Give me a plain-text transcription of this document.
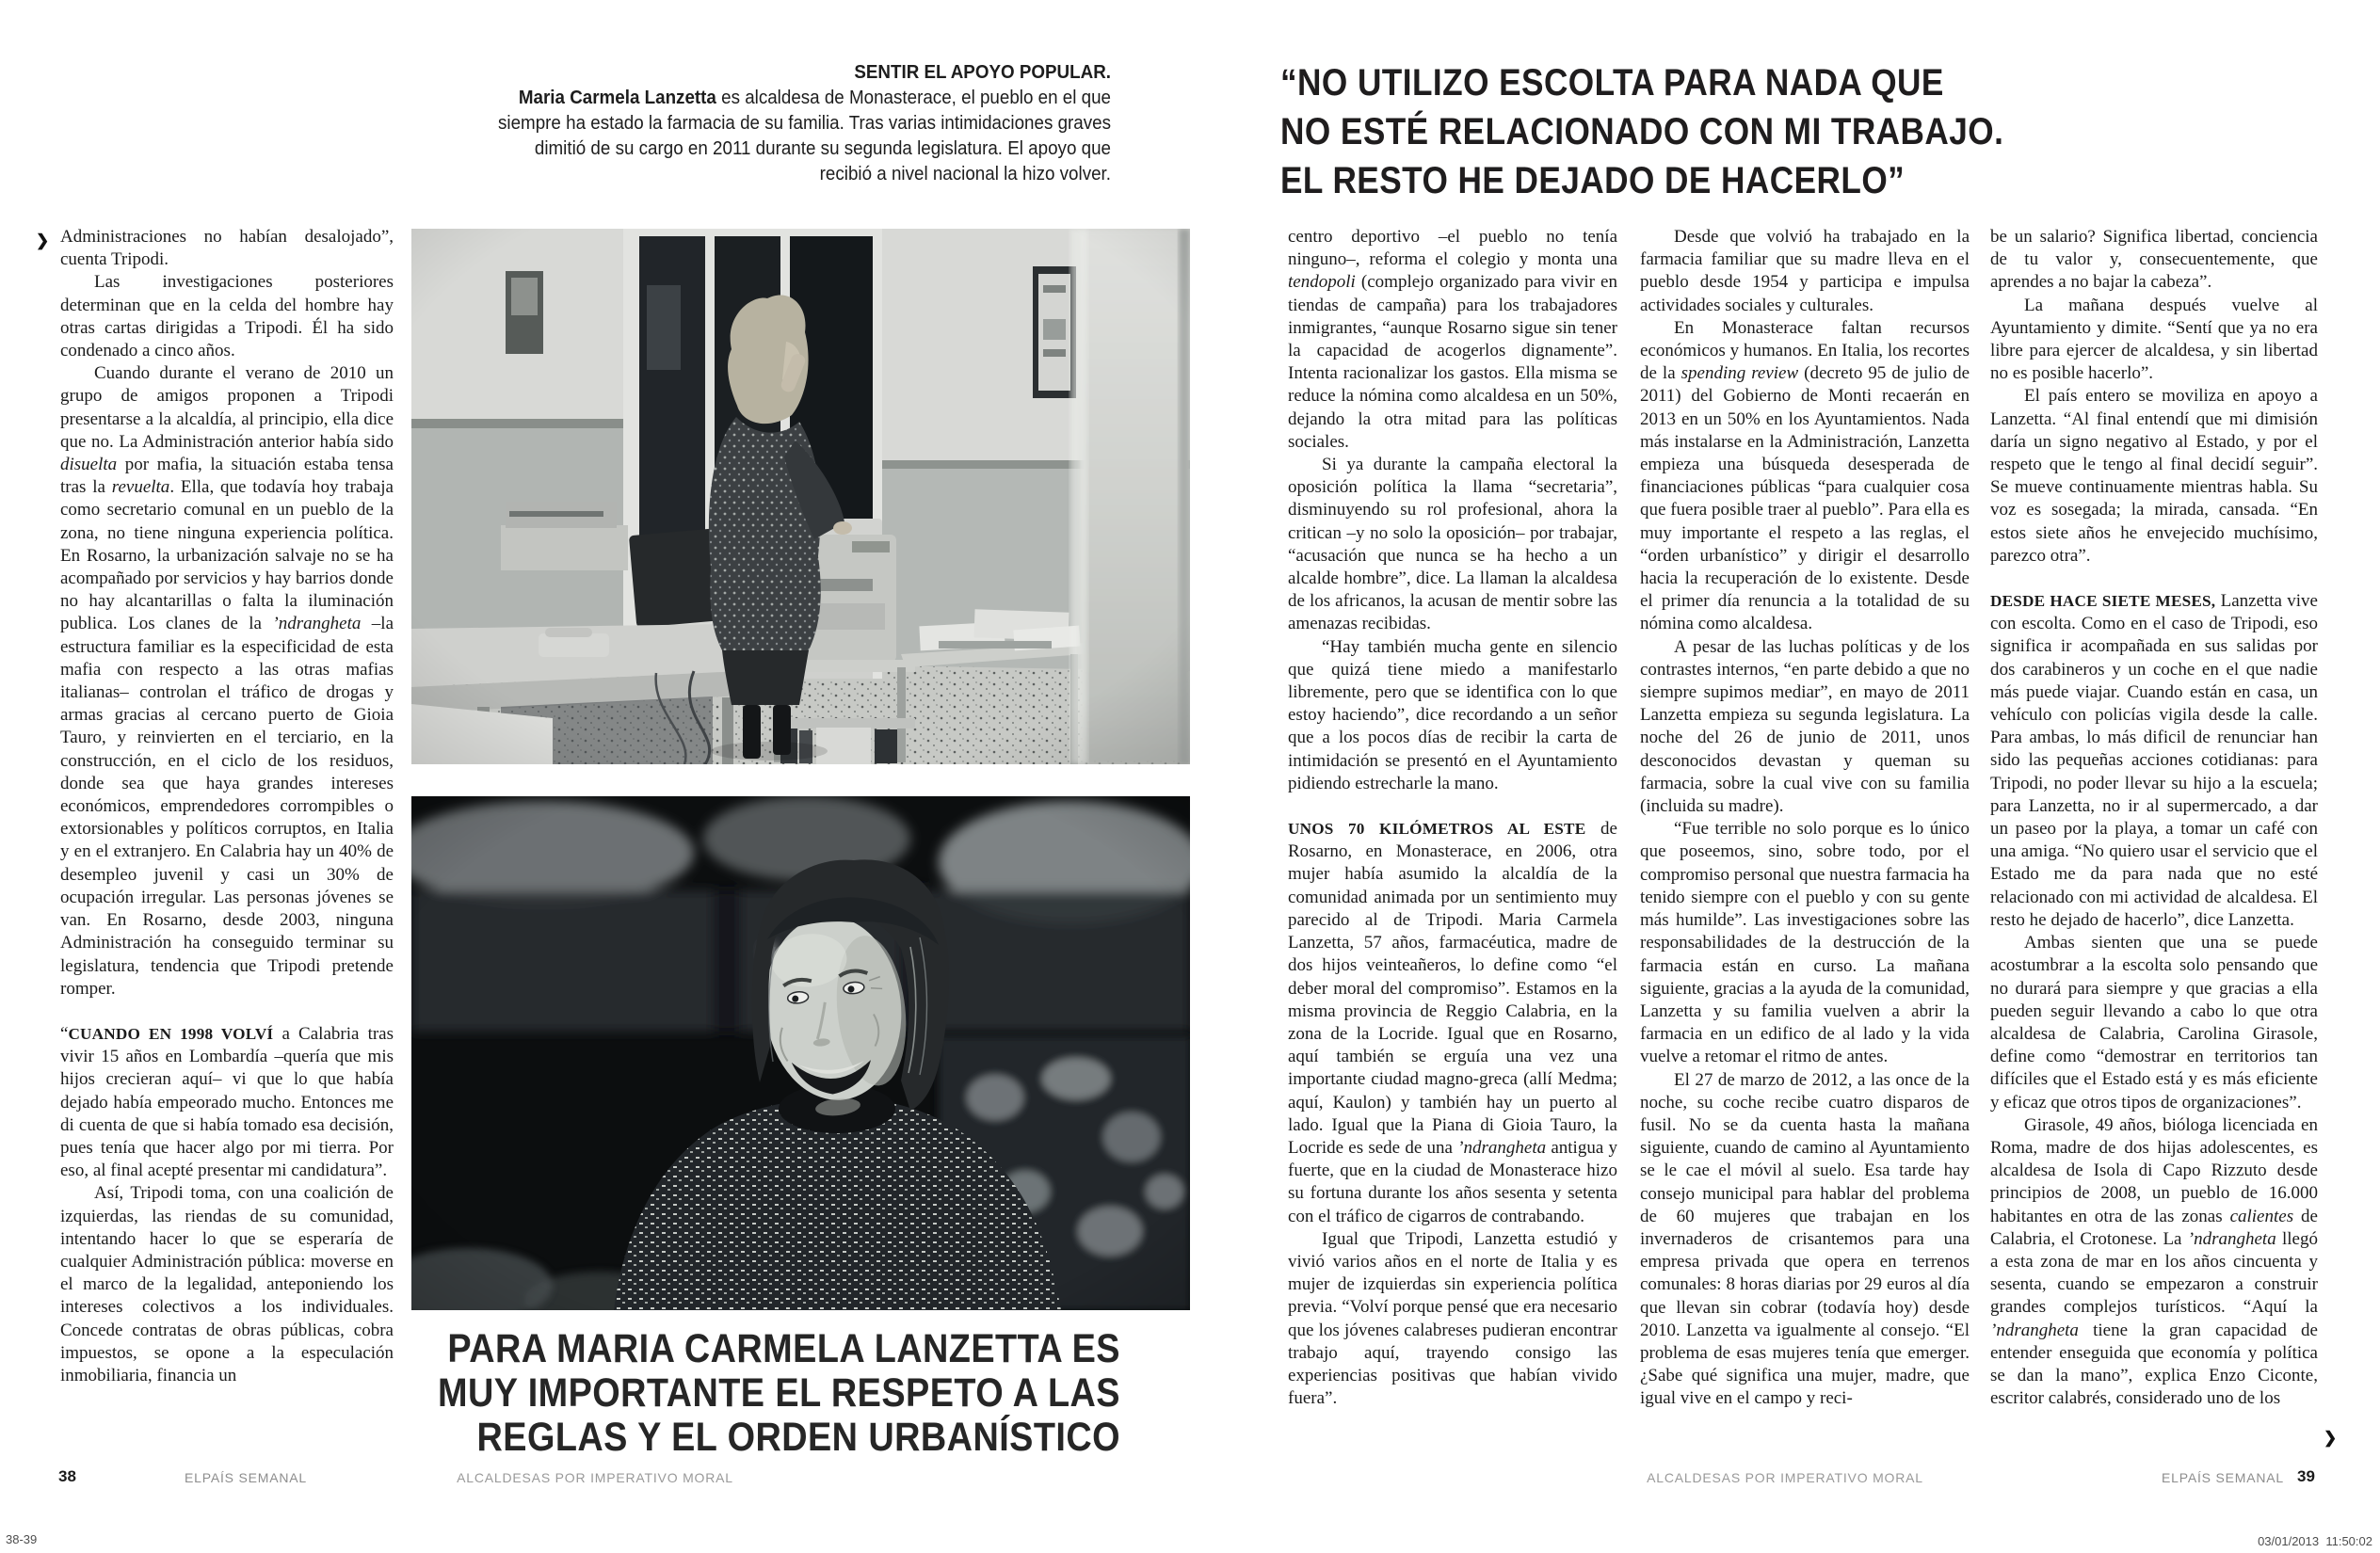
SENTIR EL APOYO POPULAR.
Maria Carmela Lanzetta es alcaldesa de Monasterace, el pueblo en el que siempre ha estado la farmacia de su familia. Tras varias intimidaciones graves dimitió de su cargo en 2011 durante su segunda legislatura. El apoyo que recibió a nivel nacional la hizo volver.
“NO UTILIZO ESCOLTA PARA NADA QUE
NO ESTÉ RELACIONADO CON MI TRABAJO.
EL RESTO HE DEJADO DE HACERLO”
❯
❯

Administraciones no habían desalojado”, cuenta Tripodi.

Las investigaciones posteriores determinan que en la celda del hombre hay otras cartas dirigidas a Tripodi. Él ha sido condenado a cinco años.

Cuando durante el verano de 2010 un grupo de amigos proponen a Tripodi presentarse a la alcaldía, al principio, ella dice que no. La Administración anterior había sido disuelta por mafia, la situación estaba tensa tras la revuelta. Ella, que todavía hoy trabaja como secretario comunal en un pueblo de la zona, no tiene ninguna experiencia política. En Rosarno, la urbanización salvaje no se ha acompañado por servicios y hay barrios donde no hay alcantarillas o falta la iluminación publica. Los clanes de la ’ndrangheta –la estructura familiar es la especificidad de esta mafia con respecto a las otras mafias italianas– controlan el tráfico de drogas y armas gracias al cercano puerto de Gioia Tauro, y reinvierten en el terciario, en la construcción, en el ciclo de los residuos, donde sea que haya grandes intereses económicos, emprendedores corrompibles o extorsionables y políticos corruptos, en Italia y en el extranjero. En Calabria hay un 40% de desempleo juvenil y casi un 30% de ocupación irregular. Las personas jóvenes se van. En Rosarno, desde 2003, ninguna Administración ha conseguido terminar su legislatura, tendencia que Tripodi pretende romper.

“CUANDO EN 1998 VOLVÍ a Calabria tras vivir 15 años en Lombardía –quería que mis hijos crecieran aquí– vi que lo que había dejado había empeorado mucho. Entonces me di cuenta de que si había tomado esa decisión, pues tenía que hacer algo por mi tierra. Por eso, al final acepté presentar mi candidatura”.

Así, Tripodi toma, con una coalición de izquierdas, las riendas de su comunidad, intentando hacer lo que se esperaría de cualquier Administración pública: moverse en el marco de la legalidad, anteponiendo los intereses colectivos a los individuales. Concede contratas de obras públicas, cobra impuestos, se opone a la especulación inmobiliaria, financia un

centro deportivo –el pueblo no tenía ninguno–, reforma el colegio y monta una tendopoli (complejo organizado para vivir en tiendas de campaña) para los trabajadores inmigrantes, “aunque Rosarno sigue sin tener la capacidad de acogerlos dignamente”. Intenta racionalizar los gastos. Ella misma se reduce la nómina como alcaldesa en un 50%, dejando la otra mitad para las políticas sociales.

Si ya durante la campaña electoral la oposición política la llama “secretaria”, disminuyendo su rol profesional, ahora la critican –y no solo la oposición– por trabajar, “acusación que nunca se ha hecho a un alcalde hombre”, dice. La llaman la alcaldesa de los africanos, la acusan de mentir sobre las amenazas recibidas.

“Hay también mucha gente en silencio que quizá tiene miedo a manifestarlo libremente, pero que se identifica con lo que estoy haciendo”, dice recordando a un señor que a los pocos días de recibir la carta de intimidación se presentó en el Ayuntamiento pidiendo estrecharle la mano.

UNOS 70 KILÓMETROS AL ESTE de Rosarno, en Monasterace, en 2006, otra mujer había asumido la alcaldía de la comunidad animada por un sentimiento muy parecido al de Tripodi. Maria Carmela Lanzetta, 57 años, farmacéutica, madre de dos hijos veinteañeros, lo define como “el deber moral del compromiso”. Estamos en la misma provincia de Reggio Calabria, en la zona de la Locride. Igual que en Rosarno, aquí también se erguía una vez una importante ciudad magno-greca (allí Medma; aquí, Kaulon) y también hay un puerto al lado. Igual que la Piana di Gioia Tauro, la Locride es sede de una ’ndrangheta antigua y fuerte, que en la ciudad de Monasterace hizo su fortuna durante los años sesenta y setenta con el tráfico de cigarros de contrabando.

Igual que Tripodi, Lanzetta estudió y vivió varios años en el norte de Italia y es mujer de izquierdas sin experiencia política previa. “Volví porque pensé que era necesario que los jóvenes calabreses pudieran encontrar trabajo aquí, trayendo consigo las experiencias positivas que habían vivido fuera”.

Desde que volvió ha trabajado en la farmacia familiar que su madre lleva en el pueblo desde 1954 y participa e impulsa actividades sociales y culturales.

En Monasterace faltan recursos económicos y humanos. En Italia, los recortes de la spending review (decreto 95 de julio de 2011) del Gobierno de Monti recaerán en 2013 en un 50% en los Ayuntamientos. Nada más instalarse en la Administración, Lanzetta empieza una búsqueda desesperada de financiaciones públicas “para cualquier cosa que fuera posible traer al pueblo”. Para ella es muy importante el respeto a las reglas, el “orden urbanístico” y dirigir el desarrollo hacia la recuperación de lo existente. Desde el primer día renuncia a la totalidad de su nómina como alcaldesa.

A pesar de las luchas políticas y de los contrastes internos, “en parte debido a que no siempre supimos mediar”, en mayo de 2011 Lanzetta empieza su segunda legislatura. La noche del 26 de junio de 2011, unos desconocidos devastan y queman su farmacia, sobre la cual vive con su familia (incluida su madre).

“Fue terrible no solo porque es lo único que poseemos, sino, sobre todo, por el compromiso personal que nuestra farmacia ha tenido siempre con el pueblo y con su gente más humilde”. Las investigaciones sobre las responsabilidades de la destrucción de la farmacia están en curso. La mañana siguiente, gracias a la ayuda de la comunidad, Lanzetta y su familia vuelven a abrir la farmacia en un edifico de al lado y la vida vuelve a retomar el ritmo de antes.

El 27 de marzo de 2012, a las once de la noche, su coche recibe cuatro disparos de fusil. No se da cuenta hasta la mañana siguiente, cuando de camino al Ayuntamiento se le cae el móvil al suelo. Esa tarde hay consejo municipal para hablar del problema de 60 mujeres que trabajan en los invernaderos de crisantemos para una empresa privada que opera en terrenos comunales: 8 horas diarias por 29 euros al día que llevan sin cobrar (todavía hoy) desde 2010. Lanzetta va igualmente al consejo. “El problema de esas mujeres tenía que emerger. ¿Sabe qué significa una mujer, madre, que igual vive en el campo y reci-

be un salario? Significa libertad, conciencia de tu valor y, consecuentemente, que aprendes a no bajar la cabeza”.

La mañana después vuelve al Ayuntamiento y dimite. “Sentí que ya no era libre para ejercer de alcaldesa, y sin libertad no es posible hacerlo”.

El país entero se moviliza en apoyo a Lanzetta. “Al final entendí que mi dimisión daría un signo negativo al Estado, y por el respeto que le tengo al final decidí seguir”. Se mueve continuamente mientras habla. Su voz es sosegada; la mirada, cansada. “En estos siete años he envejecido muchísimo, parezco otra”.

DESDE HACE SIETE MESES, Lanzetta vive con escolta. Como en el caso de Tripodi, eso significa ir acompañada en sus salidas por dos carabineros y un coche en el que nadie más puede viajar. Cuando están en casa, un vehículo con policías vigila desde la calle. Para ambas, lo más dificil de renunciar han sido las pequeñas acciones cotidianas: para Tripodi, no poder llevar su hijo a la escuela; para Lanzetta, no ir al supermercado, a dar un paseo por la playa, a tomar un café con una amiga. “No quiero usar el servicio que el Estado me da para nada que no esté relacionado con mi actividad de alcaldesa. El resto he dejado de hacerlo”, dice Lanzetta.

Ambas sienten que una se puede acostumbrar a la escolta solo pensando que no durará para siempre y que gracias a ella pueden seguir llevando a cabo lo que otra alcaldesa de Calabria, Carolina Girasole, define como “demostrar en territorios tan difíciles que el Estado está y es más eficiente y eficaz que otros tipos de organizaciones”.

Girasole, 49 años, bióloga licenciada en Roma, madre de dos hijas adolescentes, es alcaldesa de Isola di Capo Rizzuto desde principios de 2008, un pueblo de 16.000 habitantes en otra de las zonas calientes de Calabria, el Crotonese. La ’ndrangheta llegó a esta zona de mar en los años cincuenta y sesenta, cuando se empezaron a construir grandes complejos turísticos. “Aquí la ’ndrangheta tiene la gran capacidad de entender enseguida que economía y política se dan la mano”, explica Enzo Ciconte, escritor calabrés, considerado uno de los

PARA MARIA CARMELA LANZETTA ES
MUY IMPORTANTE EL RESPETO A LAS
REGLAS Y EL ORDEN URBANÍSTICO
38	ELPAÍS SEMANAL	ALCALDESAS POR IMPERATIVO MORAL	ALCALDESAS POR IMPERATIVO MORAL	ELPAÍS SEMANAL 39
38-39	03/01/2013  11:50:02
